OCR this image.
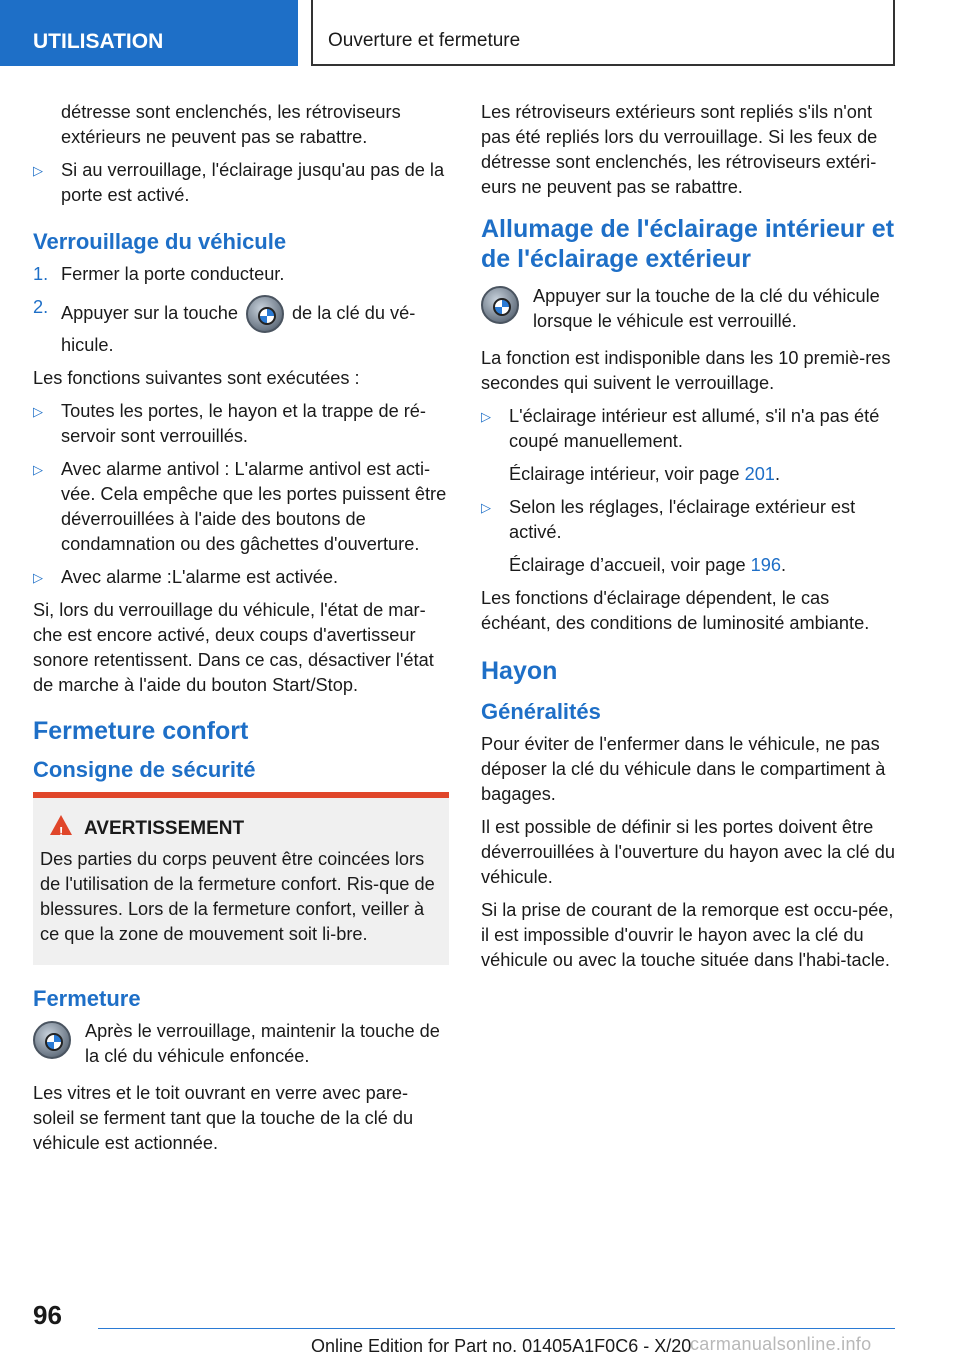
UTILISATION	Ouverture et fermeture

détresse sont enclenchés, les rétroviseurs extérieurs ne peuvent pas se rabattre.

▷ Si au verrouillage, l'éclairage jusqu'au pas de la porte est activé.
Verrouillage du véhicule
1. Fermer la porte conducteur.
2. Appuyer sur la touche	de la clé du vé‐hicule.

Les fonctions suivantes sont exécutées :

▷ Toutes les portes, le hayon et la trappe de ré‐servoir sont verrouillés.
▷ Avec alarme antivol : L'alarme antivol est acti‐vée. Cela empêche que les portes puissent être déverrouillées à l'aide des boutons de condamnation ou des gâchettes d'ouverture.
▷ Avec alarme :L'alarme est activée.

Si, lors du verrouillage du véhicule, l'état de mar‐che est encore activé, deux coups d'avertisseur sonore retentissent. Dans ce cas, désactiver l'état de marche à l'aide du bouton Start/Stop.

Fermeture confort
Consigne de sécurité
!
AVERTISSEMENT
Des parties du corps peuvent être coincées lors de l'utilisation de la fermeture confort. Ris‐que de blessures. Lors de la fermeture confort, veiller à ce que la zone de mouvement soit li‐bre.
Fermeture
Après le verrouillage, maintenir la touche de la clé du véhicule enfoncée.

Les vitres et le toit ouvrant en verre avec pare-soleil se ferment tant que la touche de la clé du véhicule est actionnée.

Les rétroviseurs extérieurs sont repliés s'ils n'ont pas été repliés lors du verrouillage. Si les feux de détresse sont enclenchés, les rétroviseurs extéri‐eurs ne peuvent pas se rabattre.

Allumage de l'éclairage intérieur et de l'éclairage extérieur
Appuyer sur la touche de la clé du véhicule lorsque le véhicule est verrouillé.

La fonction est indisponible dans les 10 premiè‐res secondes qui suivent le verrouillage.

▷ L'éclairage intérieur est allumé, s'il n'a pas été coupé manuellement.

Éclairage intérieur, voir page 201.

▷ Selon les réglages, l'éclairage extérieur est activé.

Éclairage d’accueil, voir page 196.

Les fonctions d'éclairage dépendent, le cas échéant, des conditions de luminosité ambiante.

Hayon
Généralités

Pour éviter de l'enfermer dans le véhicule, ne pas déposer la clé du véhicule dans le compartiment à bagages.

Il est possible de définir si les portes doivent être déverrouillées à l'ouverture du hayon avec la clé du véhicule.

Si la prise de courant de la remorque est occu‐pée, il est impossible d'ouvrir le hayon avec la clé du véhicule ou avec la touche située dans l'habi‐tacle.

96
Online Edition for Part no. 01405A1F0C6 - X/20
carmanualsonline.info
